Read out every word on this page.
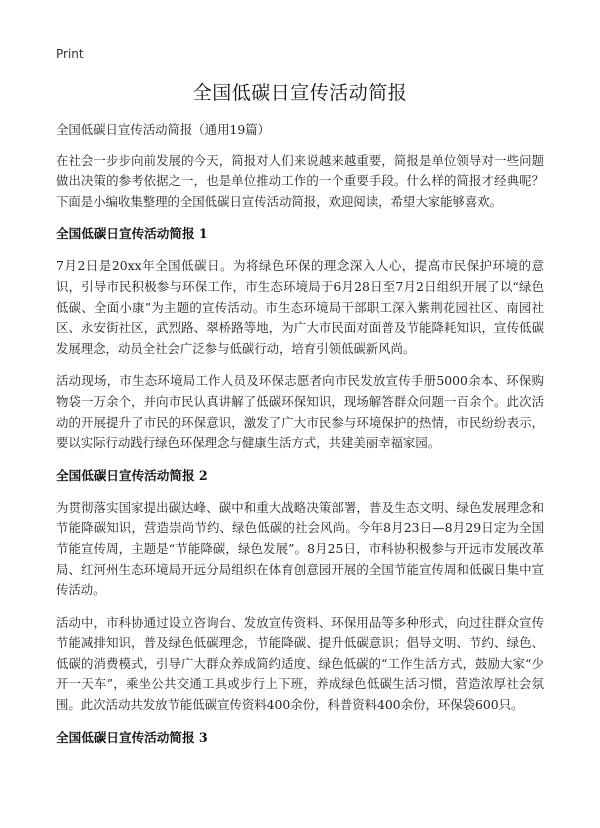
Print
全国低碳日宣传活动简报

全国低碳日宣传活动简报（通用19篇）

在社会一步步向前发展的今天，简报对人们来说越来越重要，简报是单位领导对一些问题做出决策的参考依据之一，也是单位推动工作的一个重要手段。什么样的简报才经典呢？下面是小编收集整理的全国低碳日宣传活动简报，欢迎阅读，希望大家能够喜欢。

全国低碳日宣传活动简报 1

7月2日是20xx年全国低碳日。为将绿色环保的理念深入人心，提高市民保护环境的意识，引导市民积极参与环保工作，市生态环境局于6月28日至7月2日组织开展了以“绿色低碳、全面小康”为主题的宣传活动。市生态环境局干部职工深入紫荆花园社区、南园社区、永安街社区，武烈路、翠桥路等地，为广大市民面对面普及节能降耗知识，宣传低碳发展理念，动员全社会广泛参与低碳行动，培育引领低碳新风尚。

活动现场，市生态环境局工作人员及环保志愿者向市民发放宣传手册5000余本、环保购物袋一万余个，并向市民认真讲解了低碳环保知识，现场解答群众问题一百余个。此次活动的开展提升了市民的环保意识，激发了广大市民参与环境保护的热情，市民纷纷表示，要以实际行动践行绿色环保理念与健康生活方式，共建美丽幸福家园。

全国低碳日宣传活动简报 2

为贯彻落实国家提出碳达峰、碳中和重大战略决策部署，普及生态文明、绿色发展理念和节能降碳知识，营造崇尚节约、绿色低碳的社会风尚。今年8月23日—8月29日定为全国节能宣传周，主题是“节能降碳，绿色发展”。8月25日，市科协积极参与开远市发展改革局、红河州生态环境局开远分局组织在体育创意园开展的全国节能宣传周和低碳日集中宣传活动。

活动中，市科协通过设立咨询台、发放宣传资料、环保用品等多种形式，向过往群众宣传节能减排知识，普及绿色低碳理念，节能降碳、提升低碳意识；倡导文明、节约、绿色、低碳的消费模式，引导广大群众养成简约适度、绿色低碳的“工作生活方式，鼓励大家“少开一天车”，乘坐公共交通工具或步行上下班，养成绿色低碳生活习惯，营造浓厚社会氛围。此次活动共发放节能低碳宣传资料400余份，科普资料400余份，环保袋600只。

全国低碳日宣传活动简报 3
